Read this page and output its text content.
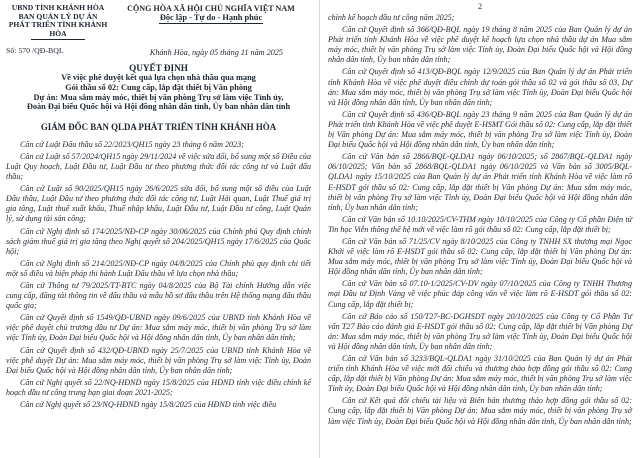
UBND TỈNH KHÁNH HÒA
BAN QUẢN LÝ DỰ ÁN
PHÁT TRIỂN TỈNH KHÁNH HÒA
CỘNG HÒA XÃ HỘI CHỦ NGHĨA VIỆT NAM
Độc lập - Tự do - Hạnh phúc
Số: 570 /QĐ-BQL	Khánh Hòa, ngày 05 tháng 11 năm 2025
QUYẾT ĐỊNH
Về việc phê duyệt kết quả lựa chọn nhà thầu qua mạng
Gói thầu số 02: Cung cấp, lắp đặt thiết bị Văn phòng
Dự án: Mua sắm máy móc, thiết bị văn phòng Trụ sở làm việc Tỉnh ủy,
Đoàn Đại biểu Quốc hội và Hội đồng nhân dân tỉnh, Ủy ban nhân dân tỉnh
GIÁM ĐỐC BAN QLDA PHÁT TRIỂN TỈNH KHÁNH HÒA

Căn cứ Luật Đấu thầu số 22/2023/QH15 ngày 23 tháng 6 năm 2023;

Căn cứ Luật số 57/2024/QH15 ngày 29/11/2024 về việc sửa đổi, bổ sung một số Điều của Luật Quy hoạch, Luật Đầu tư, Luật Đầu tư theo phương thức đối tác công tư và Luật đấu thầu;

Căn cứ Luật số 90/2025/QH15 ngày 26/6/2025 sửa đổi, bổ sung một số điều của Luật Đấu thầu, Luật Đầu tư theo phương thức đối tác công tư, Luật Hải quan, Luật Thuế giá trị gia tăng, Luật thuế xuất khẩu, Thuế nhập khẩu, Luật Đầu tư, Luật Đầu tư công, Luật Quản lý, sử dụng tài sản công;

Căn cứ Nghị định số 174/2025/NĐ-CP ngày 30/06/2025 của Chính phủ Quy định chính sách giảm thuế giá trị gia tăng theo Nghị quyết số 204/2025/QH15 ngày 17/6/2025 của Quốc hội;

Căn cứ Nghị định số 214/2025/NĐ-CP ngày 04/8/2025 của Chính phủ quy định chi tiết một số điều và biện pháp thi hành Luật Đấu thầu về lựa chọn nhà thầu;

Căn cứ Thông tư 79/2025/TT-BTC ngày 04/8/2025 của Bộ Tài chính Hướng dẫn việc cung cấp, đăng tải thông tin về đấu thầu và mẫu hồ sơ đấu thầu trên Hệ thống mạng đấu thầu quốc gia;

Căn cứ Quyết định số 1549/QĐ-UBND ngày 09/6/2025 của UBND tỉnh Khánh Hòa về việc phê duyệt chủ trương đầu tư Dự án: Mua sắm máy móc, thiết bị văn phòng Trụ sở làm việc Tỉnh ủy, Đoàn Đại biểu Quốc hội và Hội đồng nhân dân tỉnh, Ủy ban nhân dân tỉnh;

Căn cứ Quyết định số 432/QĐ-UBND ngày 25/7/2025 của UBND tỉnh Khánh Hòa về việc phê duyệt Dự án: Mua sắm máy móc, thiết bị văn phòng Trụ sở làm việc Tỉnh ủy, Đoàn Đại biểu Quốc hội và Hội đồng nhân dân tỉnh, Ủy ban nhân dân tỉnh;

Căn cứ Nghị quyết số 22/NQ-HĐND ngày 15/8/2025 của HĐND tỉnh việc điều chỉnh kế hoạch đầu tư công trung hạn giai đoạn 2021-2025;

Căn cứ Nghị quyết số 23/NQ-HĐND ngày 15/8/2025 của HĐND tỉnh việc điều

2

chỉnh kế hoạch đầu tư công năm 2025;

Căn cứ Quyết định số 366/QĐ-BQL ngày 19 tháng 8 năm 2025 của Ban Quản lý dự án Phát triển tỉnh Khánh Hòa về việc phê duyệt kế hoạch lựa chọn nhà thầu dự án Mua sắm máy móc, thiết bị văn phòng Trụ sở làm việc Tỉnh ủy, Đoàn Đại biểu Quốc hội và Hội đồng nhân dân tỉnh, Ủy ban nhân dân tỉnh;

Căn cứ Quyết định số 413/QĐ-BQL ngày 12/9/2025 của Ban Quản lý dự án Phát triển tỉnh Khánh Hòa về việc phê duyệt điều chỉnh dự toán gói thầu số 02 và gói thầu số 03, Dự án: Mua sắm máy móc, thiết bị văn phòng Trụ sở làm việc Tỉnh ủy, Đoàn Đại biểu Quốc hội và Hội đồng nhân dân tỉnh, Ủy ban nhân dân tỉnh;

Căn cứ Quyết định số 436/QĐ-BQL ngày 23 tháng 9 năm 2025 của Ban Quản lý dự án Phát triển tỉnh Khánh Hòa về việc phê duyệt E-HSMT Gói thầu số 02: Cung cấp, lắp đặt thiết bị Văn phòng Dự án: Mua sắm máy móc, thiết bị văn phòng Trụ sở làm việc Tỉnh ủy, Đoàn Đại biểu Quốc hội và Hội đồng nhân dân tỉnh, Ủy ban nhân dân tỉnh;

Căn cứ Văn bản số 2866/BQL-QLDA1 ngày 06/10/2025; số 2867/BQL-QLDA1 ngày 06/10/2025; Văn bản số 2868/BQL-QLDA1 ngày 06/10/2025 và Văn bản số 3005/BQL-QLDA1 ngày 15/10/2025 của Ban Quản lý dự án Phát triển tỉnh Khánh Hòa về việc làm rõ E-HSDT gói thầu số 02: Cung cấp, lắp đặt thiết bị Văn phòng Dự án: Mua sắm máy móc, thiết bị văn phòng Trụ sở làm việc Tỉnh ủy, Đoàn Đại biểu Quốc hội và Hội đồng nhân dân tỉnh, Ủy ban nhân dân tỉnh;

Căn cứ Văn bản số 10.10/2025/CV-THM ngày 10/10/2025 của Công ty Cổ phần Điện tử Tin học Viễn thông thế hệ mới về việc làm rõ gói thầu số 02: Cung cấp, lắp đặt thiết bị;

Căn cứ Văn bản số 71/25/CV ngày 8/10/2025 của Công ty TNHH SX thương mại Ngọc Khởi về việc làm rõ E-HSDT gói thầu số 02: Cung cấp, lắp đặt thiết bị Văn phòng Dự án: Mua sắm máy móc, thiết bị văn phòng Trụ sở làm việc Tỉnh ủy, Đoàn Đại biểu Quốc hội và Hội đồng nhân dân tỉnh, Ủy ban nhân dân tỉnh;

Căn cứ Văn bản số 07.10-1/2025/CV-DV ngày 07/10/2025 của Công ty TNHH Thương mại Đầu tư Định Vàng về việc phúc đáp công văn về việc làm rõ E-HSDT gói thầu số 02: Cung cấp, lắp đặt thiết bị;

Căn cứ Báo cáo số 150/T27-BC-DGHSDT ngày 20/10/2025 của Công ty Cổ Phần Tư vấn T27 Báo cáo đánh giá E-HSDT gói thầu số 02: Cung cấp, lắp đặt thiết bị Văn phòng Dự án: Mua sắm máy móc, thiết bị văn phòng Trụ sở làm việc Tỉnh ủy, Đoàn Đại biểu Quốc hội và Hội đồng nhân dân tỉnh, Ủy ban nhân dân tỉnh;

Căn cứ Văn bản số 3233/BQL-QLDA1 ngày 31/10/2025 của Ban Quản lý dự án Phát triển tỉnh Khánh Hòa về việc mời đối chiếu và thương thảo hợp đồng gói thầu số 02: Cung cấp, lắp đặt thiết bị Văn phòng Dự án: Mua sắm máy móc, thiết bị văn phòng Trụ sở làm việc Tỉnh ủy, Đoàn Đại biểu Quốc hội và Hội đồng nhân dân tỉnh, Ủy ban nhân dân tỉnh;

Căn cứ Kết quả đối chiếu tài liệu và Biên bản thương thảo hợp đồng gói thầu số 02: Cung cấp, lắp đặt thiết bị Văn phòng Dự án: Mua sắm máy móc, thiết bị văn phòng Trụ sở làm việc Tỉnh ủy, Đoàn Đại biểu Quốc hội và Hội đồng nhân dân tỉnh, Ủy ban nhân dân tỉnh;
